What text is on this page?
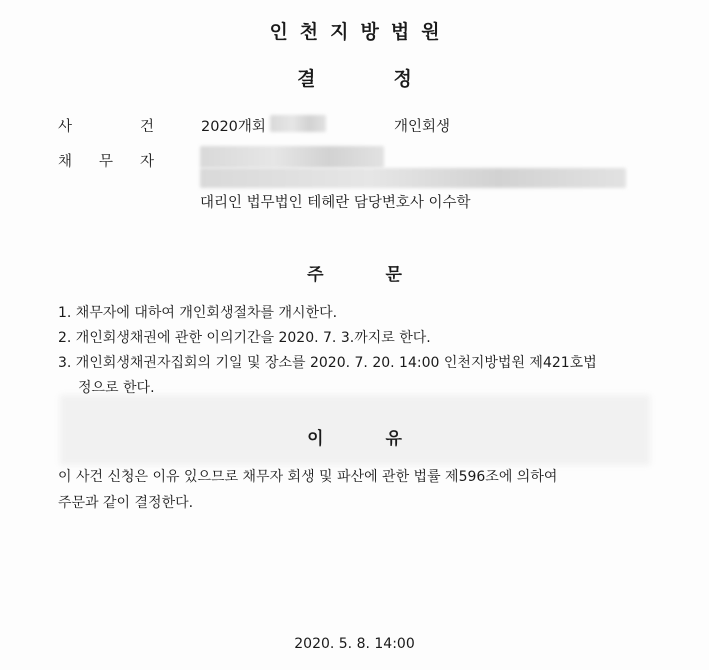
인천지방법원
결정
사	건	2020개회	개인회생
채 무 자
대리인 법무법인 테헤란 담당변호사 이수학
주문
1. 채무자에 대하여 개인회생절차를 개시한다.
2. 개인회생채권에 관한 이의기간을 2020. 7. 3.까지로 한다.
3. 개인회생채권자집회의 기일 및 장소를 2020. 7. 20. 14:00 인천지방법원 제421호법
정으로 한다.
이유
이 사건 신청은 이유 있으므로 채무자 회생 및 파산에 관한 법률 제596조에 의하여
주문과 같이 결정한다.
2020. 5. 8. 14:00
